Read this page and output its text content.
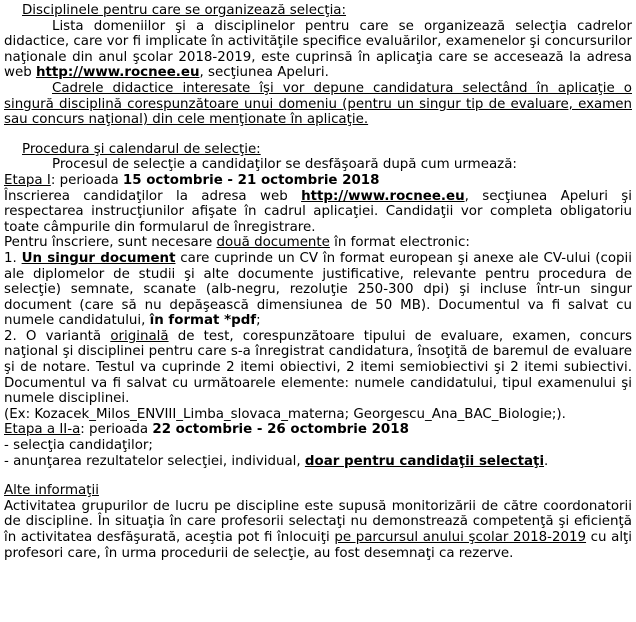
Disciplinele pentru care se organizează selecţia:

Lista domeniilor şi a disciplinelor pentru care se organizează selecţia cadrelor didactice, care vor fi implicate în activităţile specifice evaluărilor, examenelor şi concursurilor naţionale din anul şcolar 2018-2019, este cuprinsă în aplicaţia care se accesează la adresa web http://www.rocnee.eu, secţiunea Apeluri.

Cadrele didactice interesate îşi vor depune candidatura selectând în aplicaţie o singură disciplină corespunzătoare unui domeniu (pentru un singur tip de evaluare, examen sau concurs naţional) din cele menţionate în aplicaţie.

Procedura şi calendarul de selecţie:

Procesul de selecţie a candidaţilor se desfăşoară după cum urmează:

Etapa I: perioada 15 octombrie - 21 octombrie 2018

Înscrierea candidaţilor la adresa web http://www.rocnee.eu, secţiunea Apeluri şi respectarea instrucţiunilor afişate în cadrul aplicaţiei. Candidaţii vor completa obligatoriu toate câmpurile din formularul de înregistrare.

Pentru înscriere, sunt necesare două documente în format electronic:

1. Un singur document care cuprinde un CV în format european şi anexe ale CV-ului (copii ale diplomelor de studii şi alte documente justificative, relevante pentru procedura de selecţie) semnate, scanate (alb-negru, rezoluţie 250-300 dpi) şi incluse într-un singur document (care să nu depăşească dimensiunea de 50 MB). Documentul va fi salvat cu numele candidatului, în format *pdf;

2. O variantă originală de test, corespunzătoare tipului de evaluare, examen, concurs naţional şi disciplinei pentru care s-a înregistrat candidatura, însoţită de baremul de evaluare şi de notare. Testul va cuprinde 2 itemi obiectivi, 2 itemi semiobiectivi şi 2 itemi subiectivi. Documentul va fi salvat cu următoarele elemente: numele candidatului, tipul examenului şi numele disciplinei.

(Ex: Kozacek_Milos_ENVIII_Limba_slovaca_materna; Georgescu_Ana_BAC_Biologie;).

Etapa a II-a: perioada 22 octombrie - 26 octombrie 2018

- selecţia candidaţilor;

- anunţarea rezultatelor selecţiei, individual, doar pentru candidaţii selectaţi.

Alte informaţii

Activitatea grupurilor de lucru pe discipline este supusă monitorizării de către coordonatorii de discipline. În situaţia în care profesorii selectaţi nu demonstrează competenţă şi eficienţă în activitatea desfăşurată, aceştia pot fi înlocuiţi pe parcursul anului şcolar 2018-2019 cu alţi profesori care, în urma procedurii de selecţie, au fost desemnaţi ca rezerve.
